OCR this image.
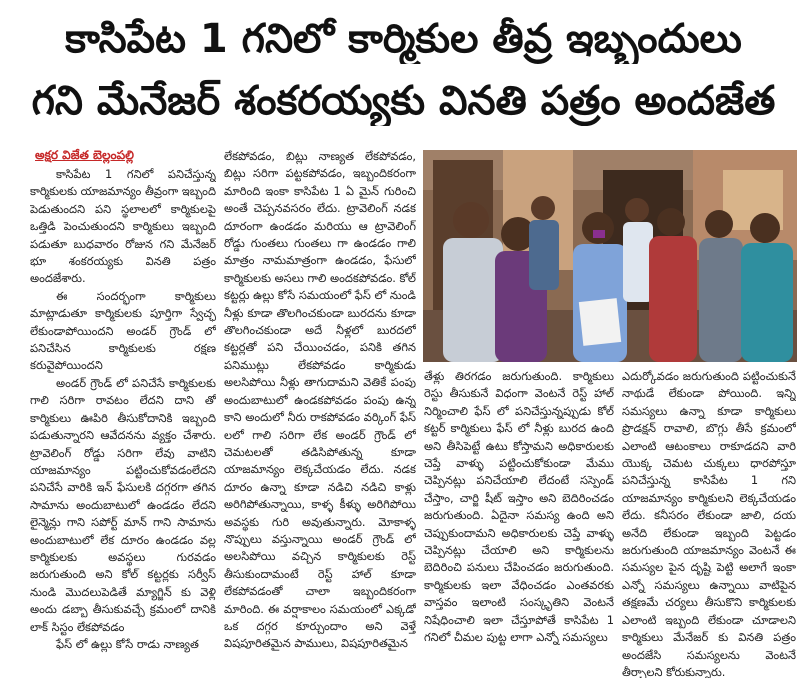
కాసిపేట 1 గనిలో కార్మికుల తీవ్ర ఇబ్బందులు
గని మేనేజర్ శంకరయ్యకు వినతి పత్రం అందజేత
అక్షర విజేత బెల్లంపల్లి

కాసిపేట 1 గనిలో పనిచేస్తున్న కార్మికులకు యాజమాన్యం తీవ్రంగా ఇబ్బంది పెడుతుందని పని స్థలాలలో కార్మికులపై ఒత్తిడి పెంచుతుందని కార్మికులు ఇబ్బంది పడుతూ బుధవారం రోజున గని మేనేజర్ భూ శంకరయ్యకు వినతి పత్రం అందజేశారు.

ఈ సందర్భంగా కార్మికులు మాట్లాడుతూ కార్మికులకు పూర్తిగా స్వేచ్ఛ లేకుండాపోయిందని అండర్ గ్రౌండ్ లో పనిచేసిన కార్మికులకు రక్షణ కరువైపోయిందని

అండర్ గ్రౌండ్ లో పనిచేసే కార్మికులకు గాలి సరిగా రావటం లేదని దాని తో కార్మికులు ఊపిరి తీసుకోదానికి ఇబ్బంది పడుతున్నారని ఆవేదనను వ్యక్తం చేశారు. ట్రావెలింగ్ రోడ్డు సరిగా లేవు వాటిని యాజమాన్యం పట్టించుకోవడంలేదని పనిచేసే వారికి ఇన్ ఫేసులకి దగ్గరగా తగిన సామాను అందుబాటులో ఉండడం లేదని లైన్మెన్లు గాని సపోర్ట్ మాన్ గాని సామాను అందుబాటులో లేక దూరం ఉండడం వల్ల కార్మికులకు అవస్థలు గురవడం జరుగుతుంది అని కోల్ కట్టర్లకు సర్వీస్ నుండి మొదలుపెడితే మ్యాగ్జిన్ కు వెళ్లి అందు డబ్బా తీసుకువచ్చే క్రమంలో దానికి లాక్ సిస్టం లేకపోవడం

ఫేస్ లో ఉల్లు కోసే రాడు నాణ్యత

లేకపోవడం, బిట్లు నాణ్యత లేకపోవడం, బిట్లు సరిగా పట్టకపోవడం, ఇబ్బందికరంగా మారింది ఇంకా కాసిపేట 1 ఏ మైన్ గురించి అంతే చెప్పనవసరం లేదు. ట్రావెలింగ్ నడక దూరంగా ఉండడం మరియు ఆ ట్రావెలింగ్ రోడ్డు గుంతలు గుంతలు గా ఉండడం గాలి మాత్రం నామమాత్రంగా ఉండడం, ఫేసులో కార్మికులకు అసలు గాలి అందకపోవడం. కోల్ కట్టర్లు ఉల్లు కోసే సమయంలో ఫేస్ లో నుండి నీళ్లు కూడా తొలగించకుండా బురదను కూడా తొలగించకుండా అదే నీళ్లలో బురదలో కట్టర్లతో పని చేయించడం, పనికి తగిన పనిముట్లు లేకపోవడం కార్మికుడు అలసిపోయి నీళ్లు తాగుదామని వెతికే పంపు అందుబాటులో ఉండకపోవడం పంపు ఉన్న కాని అందులో నీరు రాకపోవడం వర్కింగ్ ఫేస్ లలో గాలి సరిగా లేక అండర్ గ్రౌండ్ లో చెమటలతో తడిసిపోతున్న కూడా యాజమాన్యం లెక్కచేయడం లేదు. నడక దూరం ఉన్నా కూడా నడిచి నడిచి కాళ్లు అరిగిపోతున్నాయి, కాళ్ళ కీళ్ళు అరిగిపోయి అవస్థకు గురి అవుతున్నారు. మోకాళ్ళ నొప్పులు వస్తున్నాయి అండర్ గ్రౌండ్ లో అలసిపోయి వచ్చిన కార్మికులకు రెస్ట్ తీసుకుందామంటే రెస్ట్ హాల్ కూడా లేకపోవడంతో చాలా ఇబ్బందికరంగా మారింది. ఈ వర్షాకాలం సమయంలో ఎక్కడో ఒక దగ్గర కూర్చుందాం అని వెళ్తే విషపూరితమైన పాములు, విషపూరితమైన

తేళ్లు తిరగడం జరుగుతుంది. కార్మికులు రెస్టు తీసుకునే విధంగా వెంటనే రెస్ట్ హాల్ నిర్మించాలి ఫేస్ లో పనిచేస్తున్నప్పుడు కోల్ కట్టర్ కార్మికులు ఫేస్ లో నీళ్లు బురద ఉంది అని తీసిపెట్టే ఉటు కోస్తామని అధికారులకు చెప్తే వాళ్ళు పట్టించుకోకుండా మేము చెప్పినట్లు పనిచేయాలి లేదంటే సస్పెండ్ చేస్తాం, చార్జి షీట్ ఇస్తాం అని బెదిరించడం జరుగుతుంది. ఏదైనా సమస్య ఉంది అని చెప్పుకుందామని అధికారులకు చెప్తే వాళ్ళు చెప్పినట్లు చేయాలి అని కార్మికులను బెదిరించి పనులు చేపించడం జరుగుతుంది. కార్మికులకు ఇలా వేధించడం ఎంతవరకు వాస్తవం ఇలాంటి సంస్కృతిని వెంటనే నిషేధించాలి ఇలా చేస్తూపోతే కాసిపేట 1 గనిలో చీమల పుట్ట లాగా ఎన్నో సమస్యలు

ఎదుర్కోవడం జరుగుతుంది పట్టించుకునే నాథుడే లేకుండా పోయింది. ఇన్ని సమస్యలు ఉన్నా కూడా కార్మికులు ప్రొడక్షన్ రావాలి, బొగ్గు తీసే క్రమంలో ఎలాంటి ఆటంకాలు రాకూడదని వారి యొక్క చెమట చుక్కలు ధారపోస్తూ పనిచేస్తున్న కాసిపేట 1 గని యాజమాన్యం కార్మికులని లెక్కచేయడం లేదు. కనీసరం లేకుండా జాలి, దయ అనేది లేకుండా ఇబ్బంది పెట్టడం జరుగుతుంది యాజమాన్యం వెంటనే ఈ సమస్యల పైన దృష్టి పెట్టి అలాగే ఇంకా ఎన్నో సమస్యలు ఉన్నాయి వాటిపైన తక్షణమే చర్యలు తీసుకొని కార్మికులకు ఎలాంటి ఇబ్బంది లేకుండా చూడాలని కార్మికులు మేనేజర్ కు వినతి పత్రం అందజేసి సమస్యలను వెంటనే తీర్చాలని కోరుకున్నారు.
